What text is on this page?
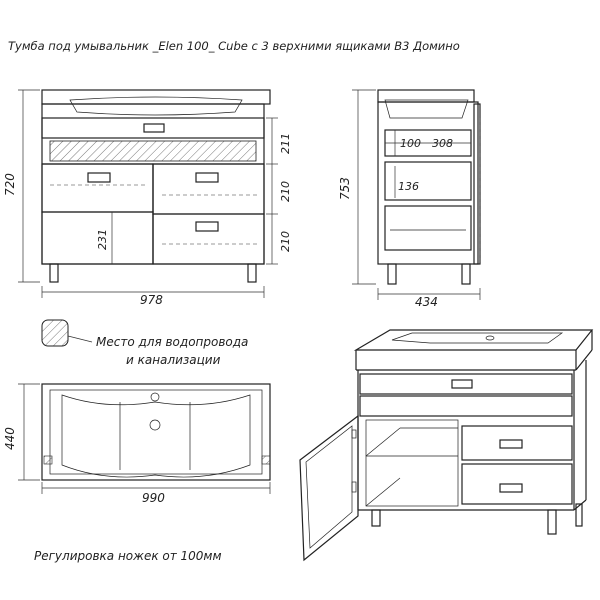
Тумба под умывальник _Elen 100_ Cube с 3 верхними ящиками В3 Домино
720
211
210
210
231
978
100 308
136
753
434
Место для водопровода
и канализации
440
990
Регулировка ножек от 100мм
